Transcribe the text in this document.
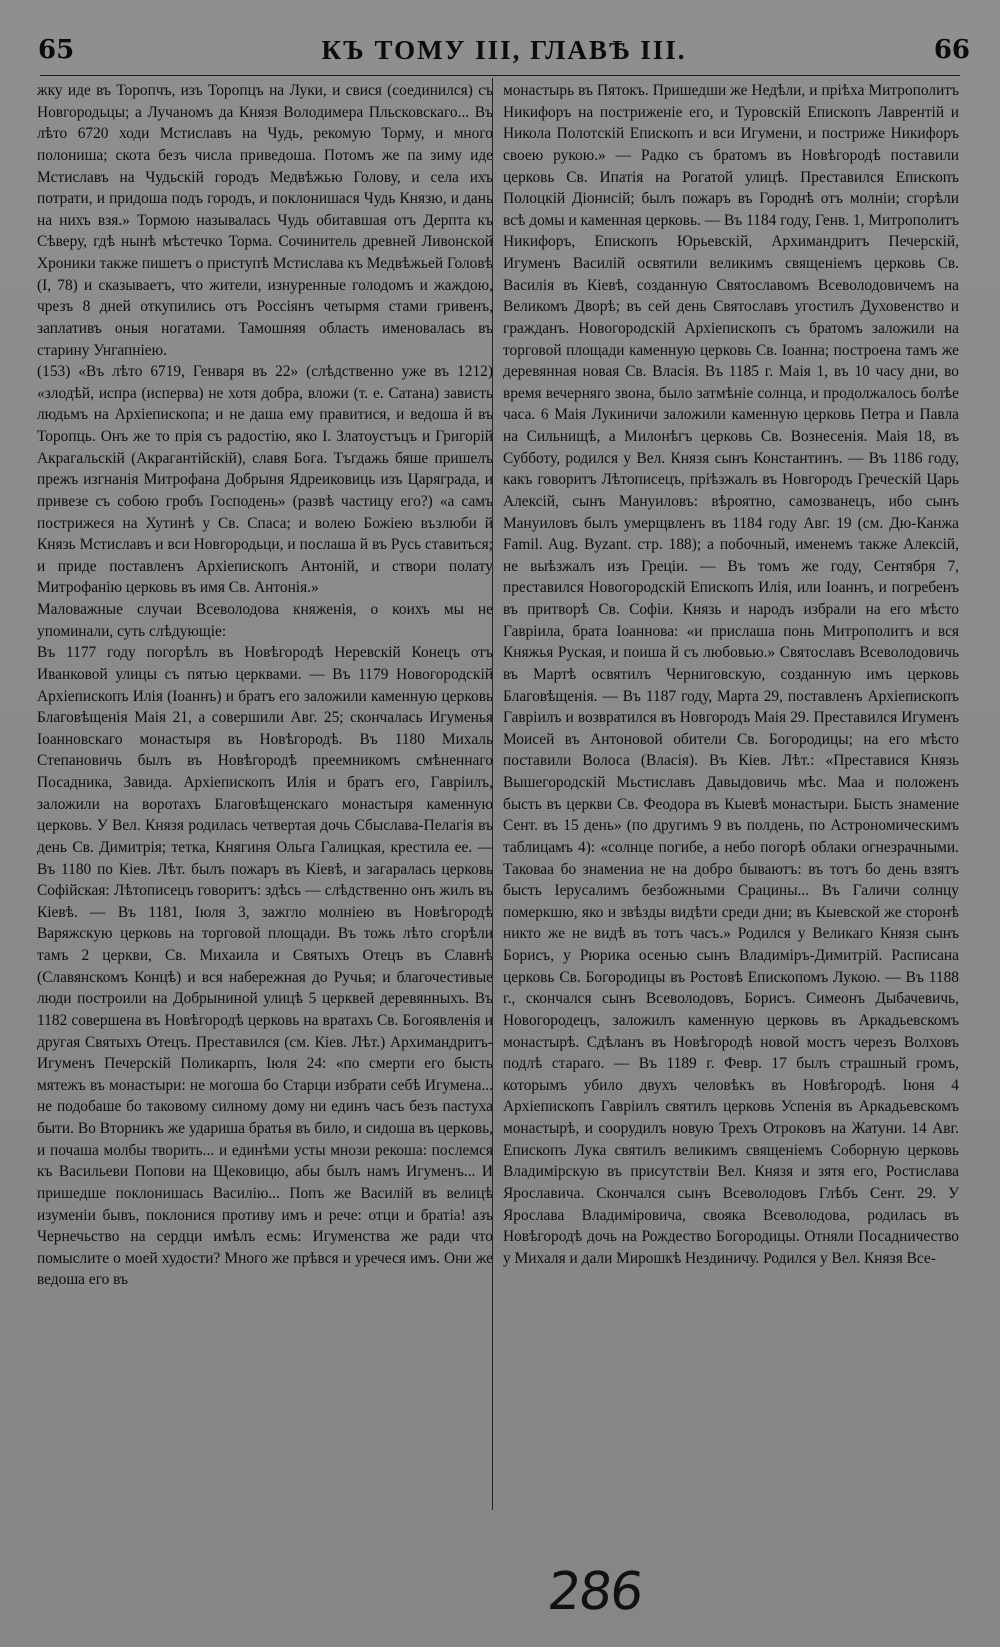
65	КЪ ТОМУ III, ГЛАВѢ III.	66

жку иде въ Торопчъ, изъ Торопцъ на Луки, и свися (соединился) съ Новгородьцы; а Лучаномъ да Князя Володимера Пльсковскаго... Въ лѣто 6720 ходи Мстиславъ на Чудь, рекомую Торму, и много полониша; скота безъ числа приведоша. Потомъ же па зиму иде Мстиславъ на Чудьскій городъ Медвѣжью Голову, и села ихъ потрати, и придоша подъ городъ, и поклонишася Чудь Князю, и дань на нихъ взя.» Тормою называлась Чудь обитавшая отъ Дерпта къ Сѣверу, гдѣ нынѣ мѣстечко Торма. Сочинитель древней Ливонской Хроники также пишетъ о приступѣ Мстислава къ Медвѣжьей Головѣ (I, 78) и сказываетъ, что жители, изнуренные голодомъ и жаждою, чрезъ 8 дней откупились отъ Россіянъ четырмя стами гривенъ, заплативъ оныя ногатами. Тамошняя область именовалась въ старину Унгапніею.

(153) «Въ лѣто 6719, Генваря въ 22» (слѣдственно уже въ 1212) «злодѣй, испра (исперва) не хотя добра, вложи (т. е. Сатана) зависть людьмъ на Архіепископа; и не даша ему правитися, и ведоша й въ Торопць. Онъ же то прія съ радостію, яко I. Златоустъцъ и Григорій Акрагальскій (Акрагантійскій), славя Бога. Тъгдажь бяше пришелъ прежъ изгнанія Митрофана Добрыня Ядреиковиць изъ Царяграда, и привезе съ собою гробъ Господень» (развѣ частицу его?) «а самъ пострижеся на Хутинѣ у Св. Спаса; и волею Божіею възлюби й Князь Мстиславъ и вси Новгородьци, и послаша й въ Русь ставиться; и приде поставленъ Архіепископъ Антоній, и створи полату Митрофанію церковь въ имя Св. Антонія.»

Маловажные случаи Всеволодова княженія, о коихъ мы не упоминали, суть слѣдующіе:

Въ 1177 году погорѣлъ въ Новѣгородѣ Неревскій Конецъ отъ Иванковой улицы съ пятью церквами. — Въ 1179 Новогородскій Архіепископъ Илія (Іоаннъ) и братъ его заложили каменную церковь Благовѣщенія Маія 21, а совершили Авг. 25; скончалась Игуменья Іоанновскаго монастыря въ Новѣгородѣ. Въ 1180 Михаль Степановичь былъ въ Новѣгородѣ преемникомъ смѣненнаго Посадника, Завида. Архіепископъ Илія и братъ его, Гавріилъ, заложили на воротахъ Благовѣщенскаго монастыря каменную церковь. У Вел. Князя родилась четвертая дочь Сбыслава-Пелагія въ день Св. Димитрія; тетка, Княгиня Ольга Галицкая, крестила ее. — Въ 1180 по Кіев. Лѣт. былъ пожаръ въ Кіевѣ, и загаралась церковь Софійская: Лѣтописецъ говоритъ: здѣсь — слѣдственно онъ жилъ въ Кіевѣ. — Въ 1181, Іюля 3, зажгло молніею въ Новѣгородѣ Варяжскую церковь на торговой площади. Въ тожь лѣто сгорѣли тамъ 2 церкви, Св. Михаила и Святыхъ Отецъ въ Славнѣ (Славянскомъ Концѣ) и вся набережная до Ручья; и благочестивые люди построили на Добрыниной улицѣ 5 церквей деревянныхъ. Въ 1182 совершена въ Новѣгородѣ церковь на вратахъ Св. Богоявленія и другая Святыхъ Отецъ. Преставился (см. Кіев. Лѣт.) Архимандритъ-Игуменъ Печерскій Поликарпъ, Іюля 24: «по смерти его бысть мятежъ въ монастыри: не могоша бо Старци избрати себѣ Игумена... не подобаше бо таковому силному дому ни единъ часъ безъ пастуха быти. Во Вторникъ же удариша братья въ било, и сидоша въ церковь, и почаша молбы творить... и единѣми усты мнози рекоша: послемся къ Васильеви Попови на Щековицю, абы былъ намъ Игуменъ... И пришедше поклонишась Василію... Попъ же Василій въ велицѣ изуменіи бывъ, поклонися противу имъ и рече: отци и братіа! азъ Чернечьство на сердци имѣлъ есмь: Игуменства же ради что помыслите о моей худости? Много же прѣвся и уречеся имъ. Они же ведоша его въ

монастырь въ Пятокъ. Пришедши же Недѣли, и пріѣха Митрополитъ Никифоръ на постриженіе его, и Туровскій Епископъ Лаврентій и Никола Полотскій Епископъ и вси Игумени, и постриже Никифоръ своею рукою.» — Радко съ братомъ въ Новѣгородѣ поставили церковь Св. Ипатія на Рогатой улицѣ. Преставился Епископъ Полоцкій Діонисій; былъ пожаръ въ Городнѣ отъ молніи; сгорѣли всѣ домы и каменная церковь. — Въ 1184 году, Генв. 1, Митрополитъ Никифоръ, Епископъ Юрьевскій, Архимандритъ Печерскій, Игуменъ Василій освятили великимъ священіемъ церковь Св. Василія въ Кіевѣ, созданную Святославомъ Всеволодовичемъ на Великомъ Дворѣ; въ сей день Святославъ угостилъ Духовенство и гражданъ. Новогородскій Архіепископъ съ братомъ заложили на торговой площади каменную церковь Св. Іоанна; построена тамъ же деревянная новая Св. Власія. Въ 1185 г. Маія 1, въ 10 часу дни, во время вечерняго звона, было затмѣніе солнца, и продолжалось болѣе часа. 6 Маія Лукиничи заложили каменную церковь Петра и Павла на Сильнищѣ, а Милонѣгъ церковь Св. Вознесенія. Маія 18, въ Субботу, родился у Вел. Князя сынъ Константинъ. — Въ 1186 году, какъ говоритъ Лѣтописецъ, пріѣзжалъ въ Новгородъ Греческій Царь Алексій, сынъ Мануиловъ: вѣроятно, самозванецъ, ибо сынъ Мануиловъ былъ умерщвленъ въ 1184 году Авг. 19 (см. Дю-Канжа Famil. Aug. Byzant. стр. 188); а побочный, именемъ также Алексій, не выѣзжалъ изъ Греціи. — Въ томъ же году, Сентября 7, преставился Новогородскій Епископъ Илія, или Іоаннъ, и погребенъ въ притворѣ Св. Софіи. Князь и народъ избрали на его мѣсто Гавріила, брата Іоаннова: «и прислаша понь Митрополитъ и вся Княжья Руская, и поиша й съ любовью.» Святославъ Всеволодовичь въ Мартѣ освятилъ Черниговскую, созданную имъ церковь Благовѣщенія. — Въ 1187 году, Марта 29, поставленъ Архіепископъ Гавріилъ и возвратился въ Новгородъ Маія 29. Преставился Игуменъ Моисей въ Антоновой обители Св. Богородицы; на его мѣсто поставили Волоса (Власія). Въ Кіев. Лѣт.: «Преставися Князь Вышегородскій Мьстиславъ Давыдовичь мѣс. Маа и положенъ бысть въ церкви Св. Феодора въ Кыевѣ монастыри. Бысть знамение Сент. въ 15 день» (по другимъ 9 въ полдень, по Астрономическимъ таблицамъ 4): «солнце погибе, а небо погорѣ облаки огнезрачными. Таковаа бо знамениа не на добро бываютъ: въ тотъ бо день взятъ бысть Іерусалимъ безбожными Срацины... Въ Галичи солнцу померкшю, яко и звѣзды видѣти среди дни; въ Кыевской же сторонѣ никто же не видѣ въ тотъ часъ.» Родился у Великаго Князя сынъ Борисъ, у Рюрика осенью сынъ Владиміръ-Димитрій. Расписана церковь Св. Богородицы въ Ростовѣ Епископомъ Лукою. — Въ 1188 г., скончался сынъ Всеволодовъ, Борисъ. Симеонъ Дыбачевичь, Новогородецъ, заложилъ каменную церковь въ Аркадьевскомъ монастырѣ. Сдѣланъ въ Новѣгородѣ новой мостъ черезъ Волховъ подлѣ стараго. — Въ 1189 г. Февр. 17 былъ страшный громъ, которымъ убило двухъ человѣкъ въ Новѣгородѣ. Іюня 4 Архіепископъ Гавріилъ святилъ церковь Успенія въ Аркадьевскомъ монастырѣ, и соорудилъ новую Трехъ Отроковъ на Жатуни. 14 Авг. Епископъ Лука святилъ великимъ священіемъ Соборную церковь Владимірскую въ присутствіи Вел. Князя и зятя его, Ростислава Ярославича. Скончался сынъ Всеволодовъ Глѣбъ Сент. 29. У Ярослава Владиміровича, свояка Всеволодова, родилась въ Новѣгородѣ дочь на Рождество Богородицы. Отняли Посадничество у Михаля и дали Мирошкѣ Нездиничу. Родился у Вел. Князя Все-

286
